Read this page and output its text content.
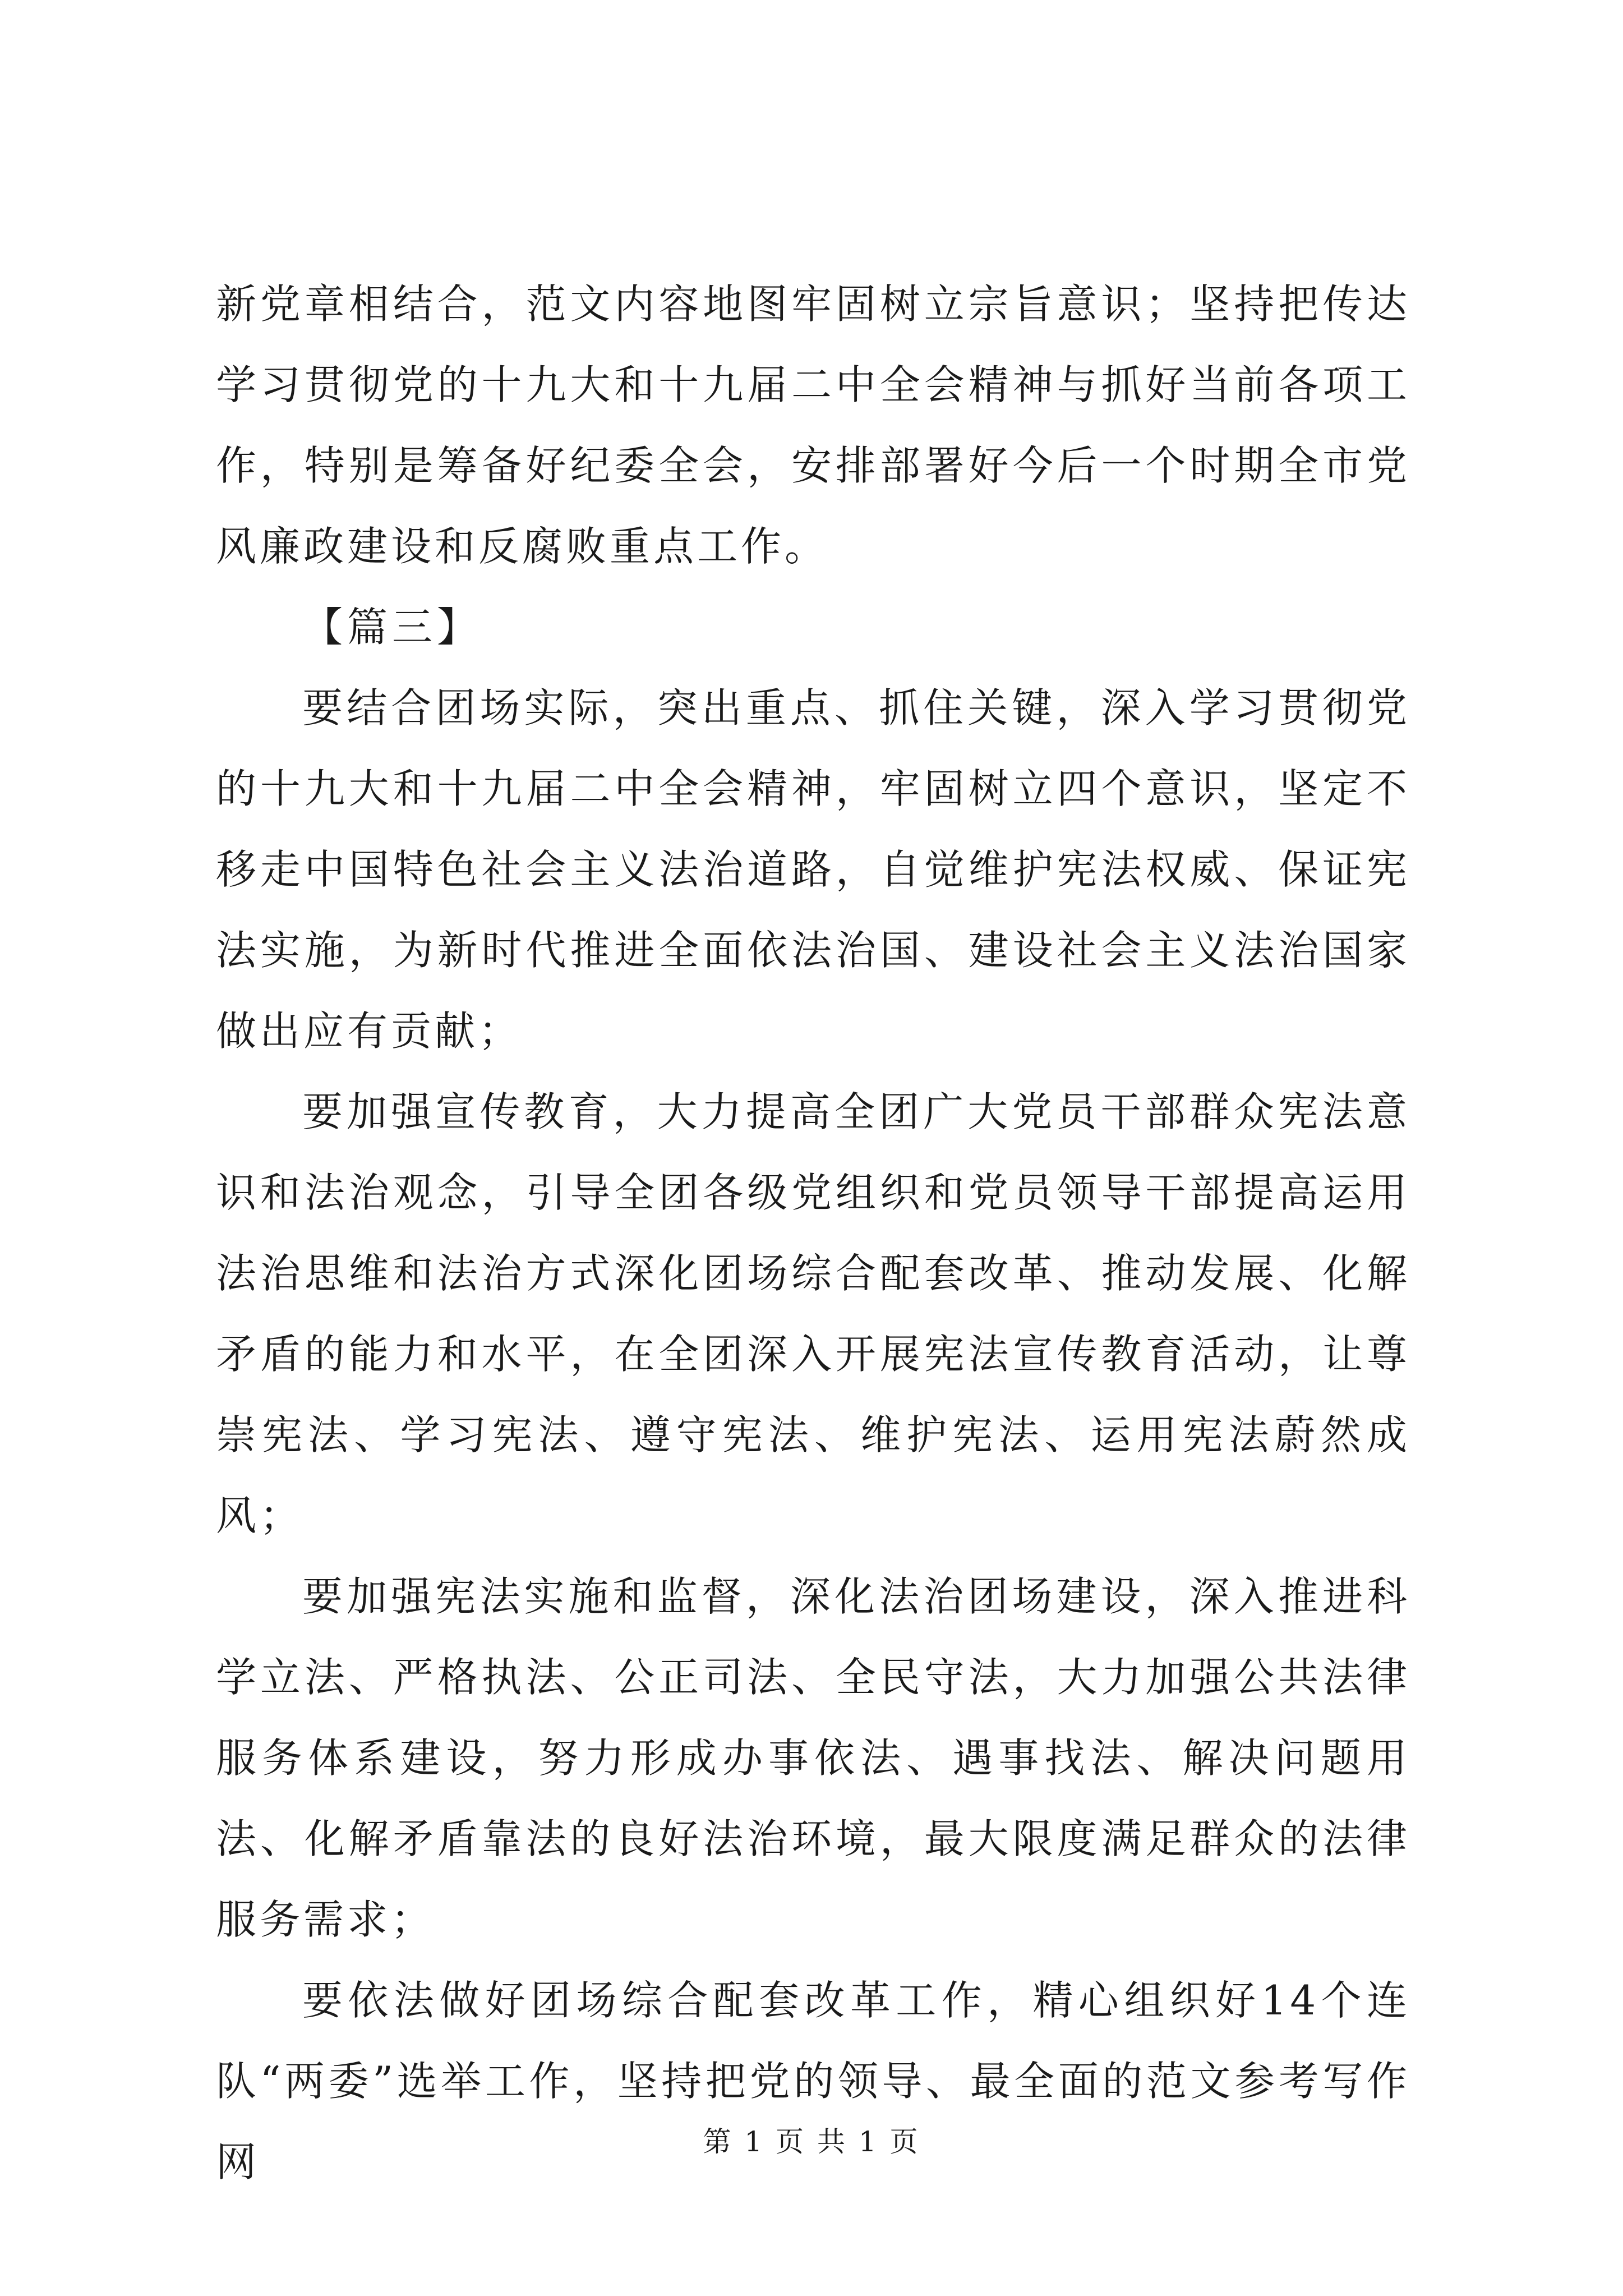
新党章相结合，范文内容地图牢固树立宗旨意识；坚持把传达学习贯彻党的十九大和十九届二中全会精神与抓好当前各项工作，特别是筹备好纪委全会，安排部署好今后一个时期全市党风廉政建设和反腐败重点工作。

【篇三】

要结合团场实际，突出重点、抓住关键，深入学习贯彻党的十九大和十九届二中全会精神，牢固树立四个意识，坚定不移走中国特色社会主义法治道路，自觉维护宪法权威、保证宪法实施，为新时代推进全面依法治国、建设社会主义法治国家做出应有贡献；

要加强宣传教育，大力提高全团广大党员干部群众宪法意识和法治观念，引导全团各级党组织和党员领导干部提高运用法治思维和法治方式深化团场综合配套改革、推动发展、化解矛盾的能力和水平，在全团深入开展宪法宣传教育活动，让尊崇宪法、学习宪法、遵守宪法、维护宪法、运用宪法蔚然成风；

要加强宪法实施和监督，深化法治团场建设，深入推进科学立法、严格执法、公正司法、全民守法，大力加强公共法律服务体系建设，努力形成办事依法、遇事找法、解决问题用法、化解矛盾靠法的良好法治环境，最大限度满足群众的法律服务需求；

要依法做好团场综合配套改革工作，精心组织好14个连队“两委”选举工作，坚持把党的领导、最全面的范文参考写作网	第 1 页 共 1 页
